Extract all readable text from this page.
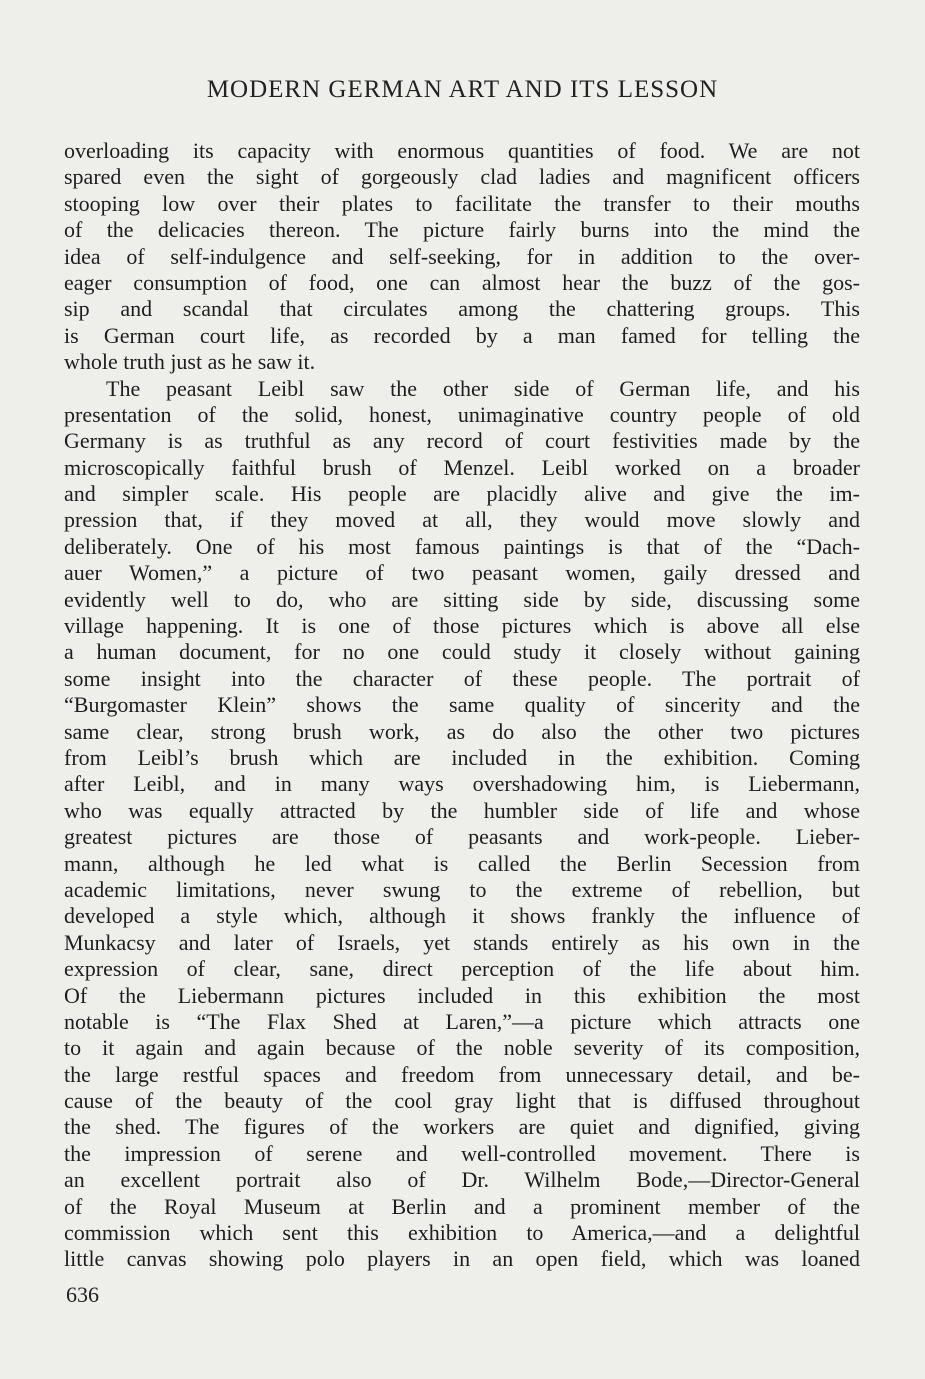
MODERN GERMAN ART AND ITS LESSON
overloading its capacity with enormous quantities of food. We are not
spared even the sight of gorgeously clad ladies and magnificent officers
stooping low over their plates to facilitate the transfer to their mouths
of the delicacies thereon. The picture fairly burns into the mind the
idea of self-indulgence and self-seeking, for in addition to the over-
eager consumption of food, one can almost hear the buzz of the gos-
sip and scandal that circulates among the chattering groups. This
is German court life, as recorded by a man famed for telling the
whole truth just as he saw it.
The peasant Leibl saw the other side of German life, and his
presentation of the solid, honest, unimaginative country people of old
Germany is as truthful as any record of court festivities made by the
microscopically faithful brush of Menzel. Leibl worked on a broader
and simpler scale. His people are placidly alive and give the im-
pression that, if they moved at all, they would move slowly and
deliberately. One of his most famous paintings is that of the “Dach-
auer Women,” a picture of two peasant women, gaily dressed and
evidently well to do, who are sitting side by side, discussing some
village happening. It is one of those pictures which is above all else
a human document, for no one could study it closely without gaining
some insight into the character of these people. The portrait of
“Burgomaster Klein” shows the same quality of sincerity and the
same clear, strong brush work, as do also the other two pictures
from Leibl’s brush which are included in the exhibition. Coming
after Leibl, and in many ways overshadowing him, is Liebermann,
who was equally attracted by the humbler side of life and whose
greatest pictures are those of peasants and work-people. Lieber-
mann, although he led what is called the Berlin Secession from
academic limitations, never swung to the extreme of rebellion, but
developed a style which, although it shows frankly the influence of
Munkacsy and later of Israels, yet stands entirely as his own in the
expression of clear, sane, direct perception of the life about him.
Of the Liebermann pictures included in this exhibition the most
notable is “The Flax Shed at Laren,”—a picture which attracts one
to it again and again because of the noble severity of its composition,
the large restful spaces and freedom from unnecessary detail, and be-
cause of the beauty of the cool gray light that is diffused throughout
the shed. The figures of the workers are quiet and dignified, giving
the impression of serene and well-controlled movement. There is
an excellent portrait also of Dr. Wilhelm Bode,—Director-General
of the Royal Museum at Berlin and a prominent member of the
commission which sent this exhibition to America,—and a delightful
little canvas showing polo players in an open field, which was loaned
636
